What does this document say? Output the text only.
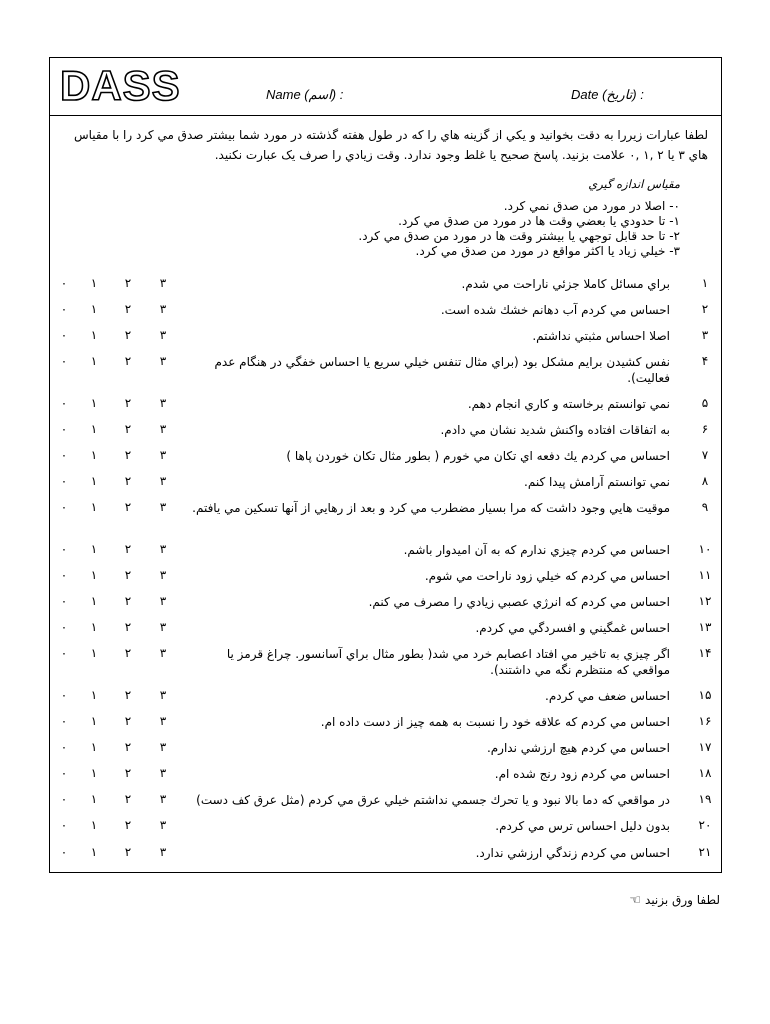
DASS	Name (اسم) :	Date (تاريخ) :
لطفا عبارات زيررا به دقت بخوانيد و يكي از گزينه هاي را كه در طول هفته گذشته در مورد شما بيشتر صدق مي كرد را با مقياس
هاي ۳ يا ۲ ,۱ ,۰ علامت بزنيد. پاسخ صحيح يا غلط وجود ندارد. وقت زيادي را صرف يک عبارت نکنيد.
مقياس اندازه گيري
۰- اصلا در مورد من صدق نمي كرد.
۱- تا حدودي يا بعضي وقت ها در مورد من صدق مي كرد.
۲- تا حد قابل توجهي يا بيشتر وقت ها در مورد من صدق مي كرد.
۳- خيلي زياد يا اكثر مواقع در مورد من صدق مي كرد.
۱
براي مسائل كاملا جزئي ناراحت مي شدم.
۳
۲
۱
۰
۲
احساس مي كردم آب دهانم خشك شده است.
۳
۲
۱
۰
۳
اصلا احساس مثبتي نداشتم.
۳
۲
۱
۰
۴
نفس كشيدن برايم مشكل بود (براي مثال تنفس خيلي سريع يا احساس خفگي در هنگام عدم فعاليت).
۳
۲
۱
۰
۵
نمي توانستم برخاسته و كاري انجام دهم.
۳
۲
۱
۰
۶
به اتفاقات افتاده واكنش شديد نشان مي دادم.
۳
۲
۱
۰
۷
احساس مي كردم يك دفعه اي تكان مي خورم ( بطور مثال تكان خوردن پاها )
۳
۲
۱
۰
۸
نمي توانستم آرامش پيدا كنم.
۳
۲
۱
۰
۹
موقيت هايي وجود داشت كه مرا بسيار مضطرب مي كرد و بعد از رهايي از آنها تسكين مي يافتم.
۳
۲
۱
۰
۱۰
احساس مي كردم چيزي ندارم كه به آن اميدوار باشم.
۳
۲
۱
۰
۱۱
احساس مي كردم كه خيلي زود ناراحت مي شوم.
۳
۲
۱
۰
۱۲
احساس مي كردم كه انرژي عصبي زيادي را مصرف مي كنم.
۳
۲
۱
۰
۱۳
احساس غمگيني و افسردگي مي كردم.
۳
۲
۱
۰
۱۴
اگر چيزي به تاخير مي افتاد اعصابم خرد مي شد( بطور مثال براي آسانسور. چراغ قرمز يا مواقعي كه منتظرم نگه مي داشتند).
۳
۲
۱
۰
۱۵
احساس ضعف مي كردم.
۳
۲
۱
۰
۱۶
احساس مي كردم كه علاقه خود را نسبت به همه چيز از دست داده ام.
۳
۲
۱
۰
۱۷
احساس مي كردم هيچ ارزشي ندارم.
۳
۲
۱
۰
۱۸
احساس مي كردم زود رنج شده ام.
۳
۲
۱
۰
۱۹
در مواقعي كه دما بالا نبود و يا تحرك جسمي نداشتم خيلي عرق مي كردم (مثل عرق كف دست)
۳
۲
۱
۰
۲۰
بدون دليل احساس ترس مي كردم.
۳
۲
۱
۰
۲۱
احساس مي كردم زندگي ارزشي ندارد.
۳
۲
۱
۰
لطفا ورق بزنيد ☜
